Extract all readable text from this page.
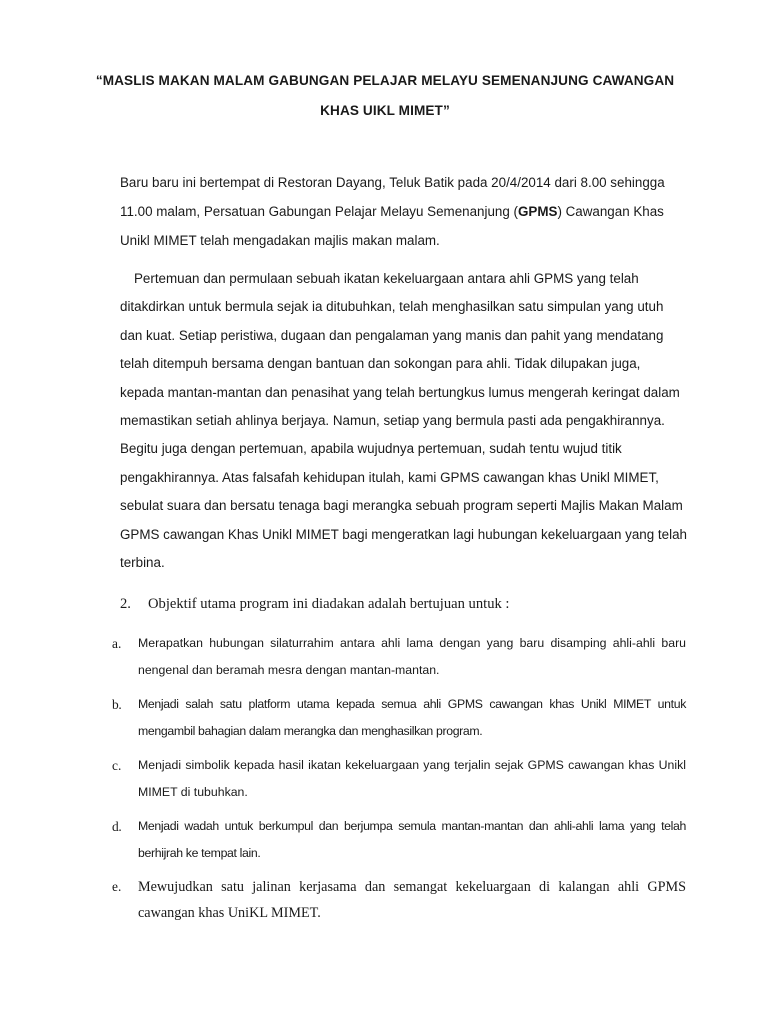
“MASLIS MAKAN MALAM GABUNGAN PELAJAR MELAYU SEMENANJUNG CAWANGAN KHAS UIKL MIMET”
Baru baru ini bertempat di Restoran Dayang, Teluk Batik pada 20/4/2014 dari 8.00 sehingga 11.00 malam, Persatuan Gabungan Pelajar Melayu Semenanjung (GPMS) Cawangan Khas Unikl MIMET telah mengadakan majlis makan malam.
Pertemuan dan permulaan sebuah ikatan kekeluargaan antara ahli GPMS yang telah ditakdirkan untuk bermula sejak ia ditubuhkan, telah menghasilkan satu simpulan yang utuh dan kuat. Setiap peristiwa, dugaan dan pengalaman yang manis dan pahit yang mendatang telah ditempuh bersama dengan bantuan dan sokongan para ahli. Tidak dilupakan juga, kepada mantan-mantan dan penasihat yang telah bertungkus lumus mengerah keringat dalam memastikan setiah ahlinya berjaya. Namun, setiap yang bermula pasti ada pengakhirannya. Begitu juga dengan pertemuan, apabila wujudnya pertemuan, sudah tentu wujud titik pengakhirannya. Atas falsafah kehidupan itulah, kami GPMS cawangan khas Unikl MIMET, sebulat suara dan bersatu tenaga bagi merangka sebuah program seperti Majlis Makan Malam GPMS cawangan Khas Unikl MIMET bagi mengeratkan lagi hubungan kekeluargaan yang telah terbina.
2. Objektif utama program ini diadakan adalah bertujuan untuk :
a. Merapatkan hubungan silaturrahim antara ahli lama dengan yang baru disamping ahli-ahli baru nengenal dan beramah mesra dengan mantan-mantan.
b. Menjadi salah satu platform utama kepada semua ahli GPMS cawangan khas Unikl MIMET untuk mengambil bahagian dalam merangka dan menghasilkan program.
c. Menjadi simbolik kepada hasil ikatan kekeluargaan yang terjalin sejak GPMS cawangan khas Unikl MIMET di tubuhkan.
d. Menjadi wadah untuk berkumpul dan berjumpa semula mantan-mantan dan ahli-ahli lama yang telah berhijrah ke tempat lain.
e. Mewujudkan satu jalinan kerjasama dan semangat kekeluargaan di kalangan ahli GPMS cawangan khas UniKL MIMET.
